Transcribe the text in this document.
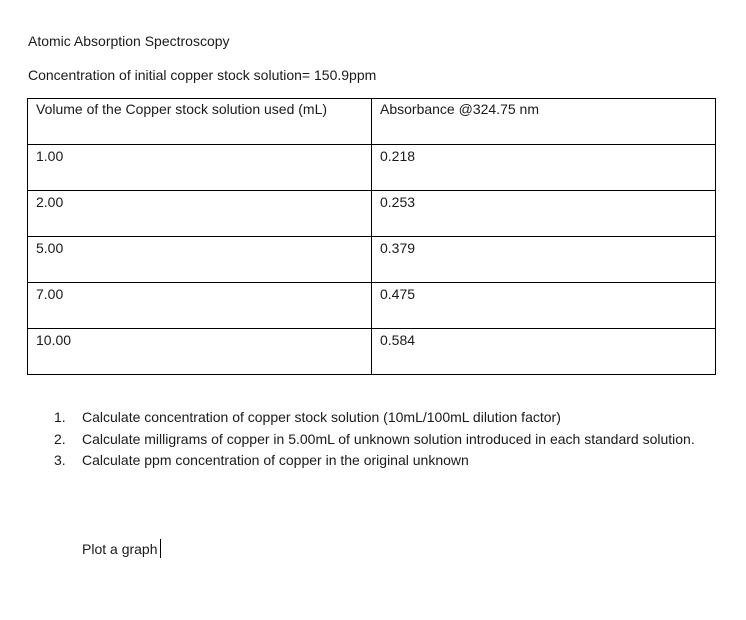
Atomic Absorption Spectroscopy

Concentration of initial copper stock solution= 150.9ppm

Volume of the Copper stock solution used (mL)	Absorbance @324.75 nm

1.00	0.218

2.00	0.253

5.00	0.379

7.00	0.475

10.00	0.584
1. Calculate concentration of copper stock solution (10mL/100mL dilution factor)
2. Calculate milligrams of copper in 5.00mL of unknown solution introduced in each standard solution.
3. Calculate ppm concentration of copper in the original unknown

Plot a graph
